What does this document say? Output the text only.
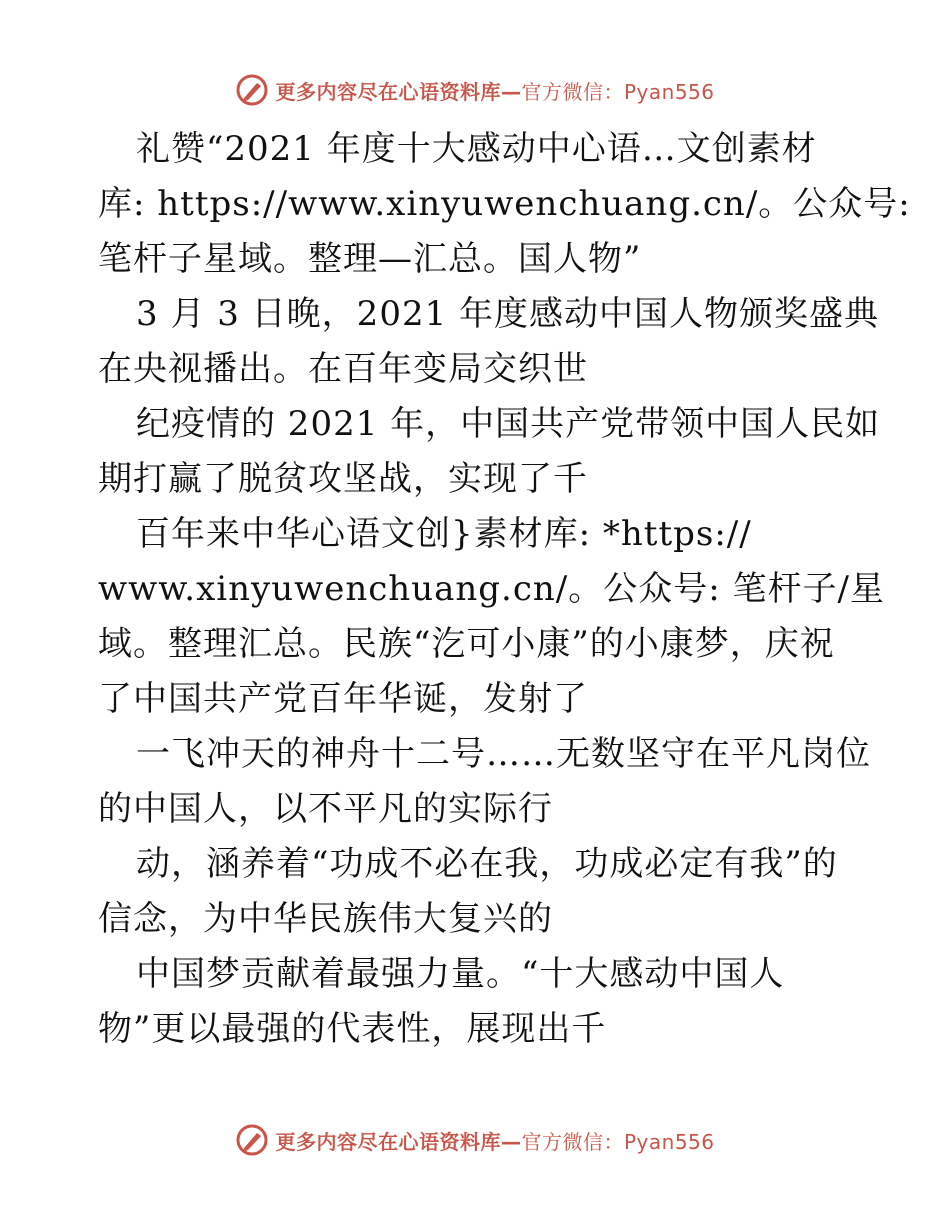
更多内容尽在心语资料库—官方微信：Pyan556
礼赞“2021 年度十大感动中心语…文创素材
库: https://www.xinyuwenchuang.cn/。公众号:
笔杆子星域。整理—汇总。国人物”
3 月 3 日晚，2021 年度感动中国人物颁奖盛典
在央视播出。在百年变局交织世
纪疫情的 2021 年，中国共产党带领中国人民如
期打赢了脱贫攻坚战，实现了千
百年来中华心语文创}素材库: *https://
www.xinyuwenchuang.cn/。公众号: 笔杆子/星
域。整理汇总。民族“汔可小康”的小康梦，庆祝
了中国共产党百年华诞，发射了
一飞冲天的神舟十二号……无数坚守在平凡岗位
的中国人，以不平凡的实际行
动，涵养着“功成不必在我，功成必定有我”的
信念，为中华民族伟大复兴的
中国梦贡献着最强力量。“十大感动中国人
物”更以最强的代表性，展现出千
更多内容尽在心语资料库—官方微信：Pyan556
